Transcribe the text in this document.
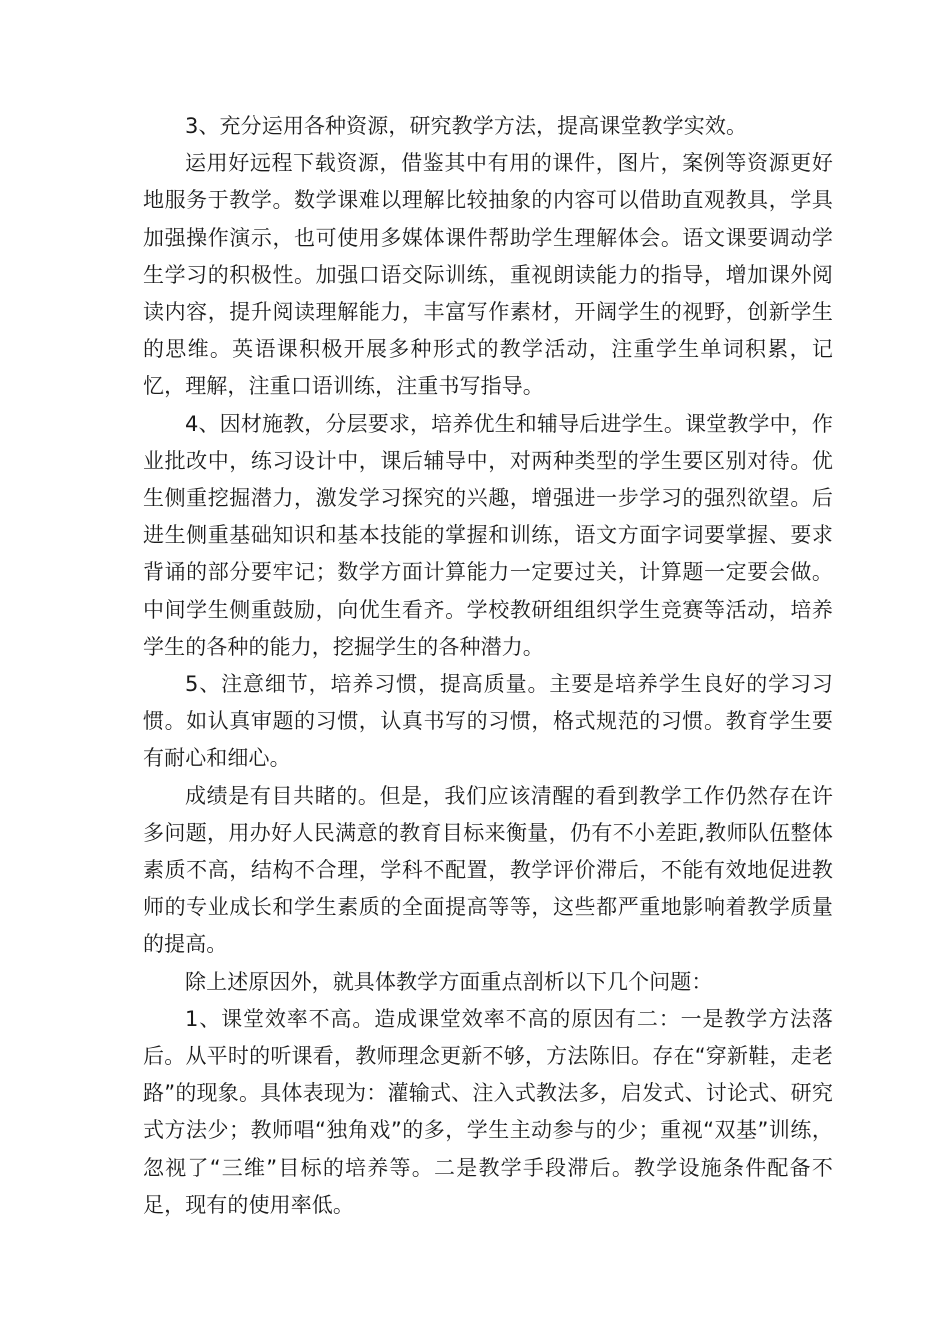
3、充分运用各种资源，研究教学方法，提高课堂教学实效。

运用好远程下载资源，借鉴其中有用的课件，图片，案例等资源更好地服务于教学。数学课难以理解比较抽象的内容可以借助直观教具，学具加强操作演示，也可使用多媒体课件帮助学生理解体会。语文课要调动学生学习的积极性。加强口语交际训练，重视朗读能力的指导，增加课外阅读内容，提升阅读理解能力，丰富写作素材，开阔学生的视野，创新学生的思维。英语课积极开展多种形式的教学活动，注重学生单词积累，记忆，理解，注重口语训练，注重书写指导。

4、因材施教，分层要求，培养优生和辅导后进学生。课堂教学中，作业批改中，练习设计中，课后辅导中，对两种类型的学生要区别对待。优生侧重挖掘潜力，激发学习探究的兴趣，增强进一步学习的强烈欲望。后进生侧重基础知识和基本技能的掌握和训练，语文方面字词要掌握、要求背诵的部分要牢记；数学方面计算能力一定要过关，计算题一定要会做。中间学生侧重鼓励，向优生看齐。学校教研组组织学生竞赛等活动，培养学生的各种的能力，挖掘学生的各种潜力。

5、注意细节，培养习惯，提高质量。主要是培养学生良好的学习习惯。如认真审题的习惯，认真书写的习惯，格式规范的习惯。教育学生要有耐心和细心。

成绩是有目共睹的。但是，我们应该清醒的看到教学工作仍然存在许多问题，用办好人民满意的教育目标来衡量，仍有不小差距,教师队伍整体素质不高，结构不合理，学科不配置，教学评价滞后，不能有效地促进教师的专业成长和学生素质的全面提高等等，这些都严重地影响着教学质量的提高。

除上述原因外，就具体教学方面重点剖析以下几个问题：

1、课堂效率不高。造成课堂效率不高的原因有二：一是教学方法落后。从平时的听课看，教师理念更新不够，方法陈旧。存在“穿新鞋，走老路”的现象。具体表现为：灌输式、注入式教法多，启发式、讨论式、研究式方法少；教师唱“独角戏”的多，学生主动参与的少；重视“双基”训练，忽视了“三维”目标的培养等。二是教学手段滞后。教学设施条件配备不足，现有的使用率低。
